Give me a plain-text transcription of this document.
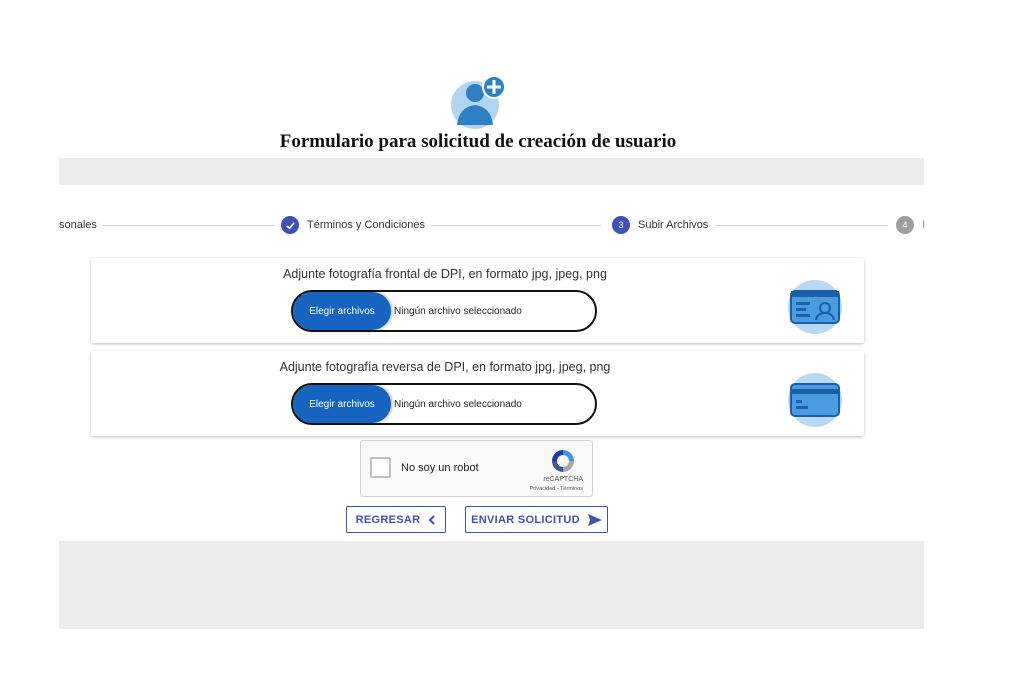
Formulario para solicitud de creación de usuario
sonales	Términos y Condiciones	3	Subir Archivos	4	I
Adjunte fotografía frontal de DPI, en formato jpg, jpeg, png
Elegir archivos	Ningún archivo seleccionado
Adjunte fotografía reversa de DPI, en formato jpg, jpeg, png
Elegir archivos	Ningún archivo seleccionado
No soy un robot
reCAPTCHA
Privacidad - Términos
REGRESAR	ENVIAR SOLICITUD
